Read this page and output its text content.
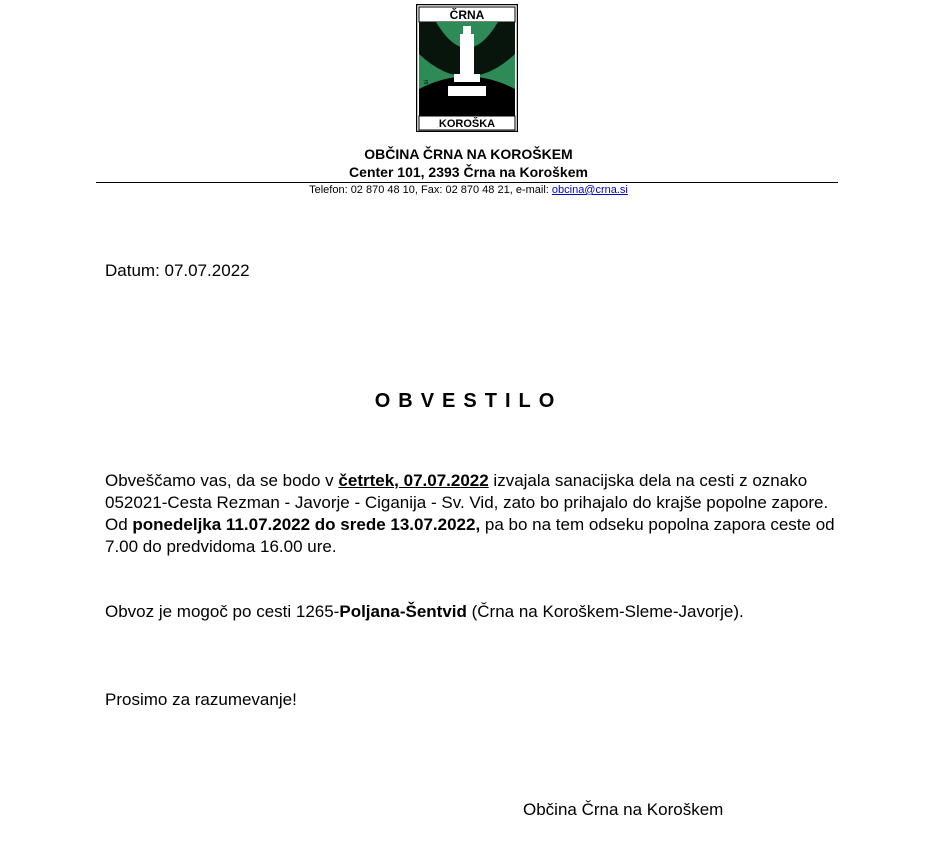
ČRNA
KOROŠKA
www.crna.si
OBČINA ČRNA NA KOROŠKEM
Center 101, 2393 Črna na Koroškem
Telefon: 02 870 48 10, Fax: 02 870 48 21, e-mail: obcina@crna.si
Datum: 07.07.2022
OBVESTILO

Obveščamo vas, da se bodo v četrtek, 07.07.2022 izvajala sanacijska dela na cesti z oznako 052021-Cesta Rezman - Javorje - Ciganija - Sv. Vid, zato bo prihajalo do krajše popolne zapore.

Od ponedeljka 11.07.2022 do srede 13.07.2022, pa bo na tem odseku popolna zapora ceste od 7.00 do predvidoma 16.00 ure.

Obvoz je mogoč po cesti 1265-Poljana-Šentvid (Črna na Koroškem-Sleme-Javorje).
Prosimo za razumevanje!
Občina Črna na Koroškem
